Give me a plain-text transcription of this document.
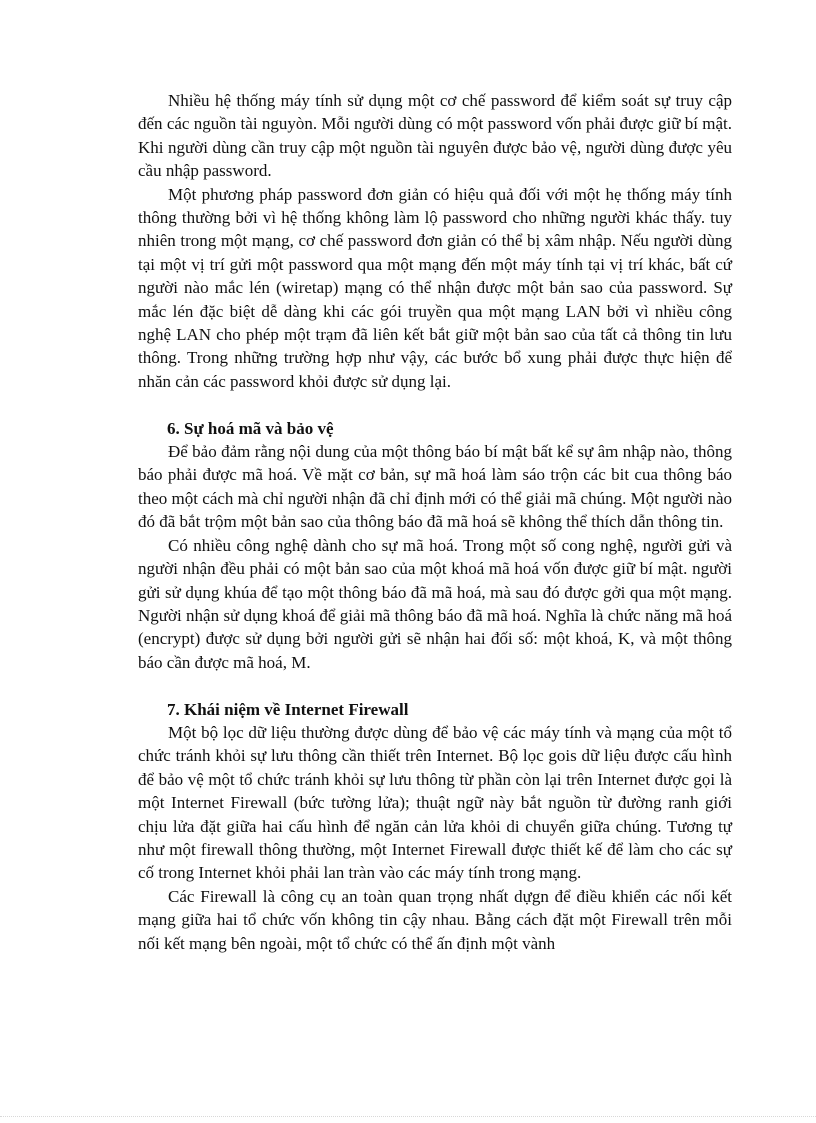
Nhiều hệ thống máy tính sử dụng một cơ chế password để kiểm soát sự truy cập đến các nguồn tài nguyòn. Mỗi người dùng có một password vốn phải được giữ bí mật. Khi người dùng cần truy cập một nguồn tài nguyên được bảo vệ, người dùng được yêu cầu nhập password.

Một phương pháp password đơn giản có hiệu quả đối với một hẹ thống máy tính thông thường bởi vì hệ thống không làm lộ password cho những người khác thấy. tuy nhiên trong một mạng, cơ chế password đơn giản có thể bị xâm nhập. Nếu người dùng tại một vị trí gửi một password qua một mạng đến một máy tính tại vị trí khác, bất cứ người nào mắc lén (wiretap) mạng có thể nhận được một bản sao của password. Sự mắc lén đặc biệt dễ dàng khi các gói truyền qua một mạng LAN bởi vì nhiều công nghệ LAN cho phép một trạm đã liên kết bắt giữ một bản sao của tất cả thông tin lưu thông. Trong những trường hợp như vậy, các bước bổ xung phải được thực hiện để nhăn cản các password khỏi được sử dụng lại.

6. Sự hoá mã và bảo vệ

Để bảo đảm rằng nội dung của một thông báo bí mật bất kể sự âm nhập nào, thông báo phải được mã hoá. Về mặt cơ bản, sự mã hoá làm sáo trộn các bit cua thông báo theo một cách mà chỉ người nhận đã chỉ định mới có thể giải mã chúng. Một người nào đó đã bắt trộm một bản sao của thông báo đã mã hoá sẽ không thể thích dẫn thông tin.

Có nhiều công nghệ dành cho sự mã hoá. Trong một số cong nghệ, người gửi và người nhận đều phải có một bản sao của một khoá mã hoá vốn được giữ bí mật. người gửi sử dụng khúa để tạo một thông báo đã mã hoá, mà sau đó được gởi qua một mạng. Người nhận sử dụng khoá để giải mã thông báo đã mã hoá. Nghĩa là chức năng mã hoá (encrypt) được sử dụng bởi người gửi sẽ nhận hai đối số: một khoá, K, và một thông báo cần được mã hoá, M.

7. Khái niệm về Internet Firewall

Một bộ lọc dữ liệu thường được dùng để bảo vệ các máy tính và mạng của một tổ chức tránh khỏi sự lưu thông cần thiết trên Internet. Bộ lọc gois dữ liệu được cấu hình để bảo vệ một tổ chức tránh khỏi sự lưu thông từ phần còn lại trên Internet được gọi là một Internet Firewall (bức tường lửa); thuật ngữ này bắt nguồn từ đường ranh giới chịu lửa đặt giữa hai cấu hình để ngăn cản lửa khỏi di chuyển giữa chúng. Tương tự như một firewall thông thường, một Internet Firewall được thiết kế để làm cho các sự cố trong Internet khỏi phải lan tràn vào các máy tính trong mạng.

Các Firewall là công cụ an toàn quan trọng nhất dựgn để điều khiển các nối kết mạng giữa hai tổ chức vốn không tin cậy nhau. Bằng cách đặt một Firewall trên mỗi nối kết mạng bên ngoài, một tổ chức có thể ấn định một vành
